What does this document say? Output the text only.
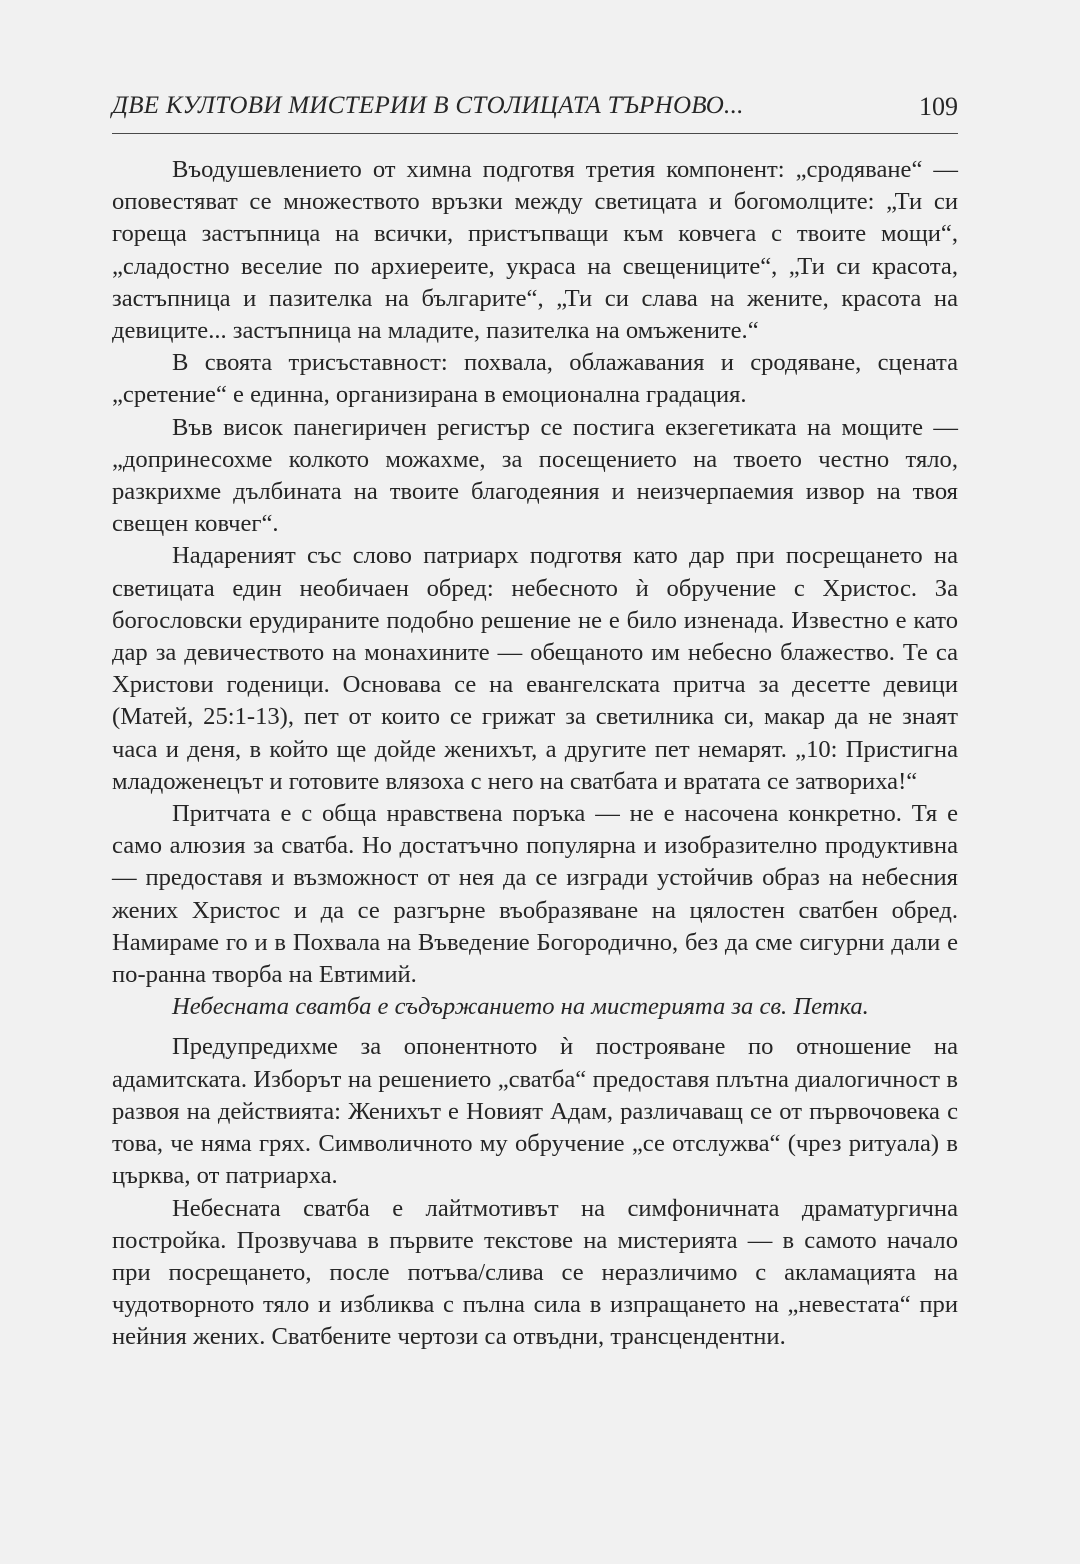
ДВЕ КУЛТОВИ МИСТЕРИИ В СТОЛИЦАТА ТЪРНОВО...	109

Въодушевлението от химна подготвя третия компонент: „сродяване“ — оповестяват се множеството връзки между светицата и богомолците: „Ти си гореща застъпница на всички, пристъпващи към ковчега с твоите мощи“, „сладостно веселие по архиереите, украса на свещениците“, „Ти си красота, застъпница и пазителка на българите“, „Ти си слава на жените, красота на девиците... застъпница на младите, пазителка на омъжените.“

В своята трисъставност: похвала, облажавания и сродяване, сцената „сретение“ е единна, организирана в емоционална градация.

Във висок панегиричен регистър се постига екзегетиката на мощите — „допринесохме колкото можахме, за посещението на твоето честно тяло, разкрихме дълбината на твоите благодеяния и неизчерпаемия извор на твоя свещен ковчег“.

Надареният със слово патриарх подготвя като дар при посрещането на светицата един необичаен обред: небесното ѝ обручение с Христос. За богословски ерудираните подобно решение не е било изненада. Известно е като дар за девичеството на монахините — обещаното им небесно блажество. Те са Христови годеници. Основава се на евангелската притча за десетте девици (Матей, 25:1-13), пет от които се грижат за светилника си, макар да не знаят часа и деня, в който ще дойде женихът, а другите пет немарят. „10: Пристигна младоженецът и готовите влязоха с него на сватбата и вратата се затвориха!“

Притчата е с обща нравствена поръка — не е насочена конкретно. Тя е само алюзия за сватба. Но достатъчно популярна и изобразително продуктивна — предоставя и възможност от нея да се изгради устойчив образ на небесния жених Христос и да се разгърне въобразяване на цялостен сватбен обред. Намираме го и в Похвала на Въведение Богородично, без да сме сигурни дали е по-ранна творба на Евтимий.

Небесната сватба е съдържанието на мистерията за св. Петка.

Предупредихме за опонентното ѝ построяване по отношение на адамитската. Изборът на решението „сватба“ предоставя плътна диалогичност в развоя на действията: Женихът е Новият Адам, различаващ се от първочовека с това, че няма грях. Символичното му обручение „се отслужва“ (чрез ритуала) в църква, от патриарха.

Небесната сватба е лайтмотивът на симфоничната драматургична постройка. Прозвучава в първите текстове на мистерията — в самото начало при посрещането, после потъва/слива се неразличимо с акламацията на чудотворното тяло и избликва с пълна сила в изпращането на „невестата“ при нейния жених. Сватбените чертози са отвъдни, трансцендентни.
